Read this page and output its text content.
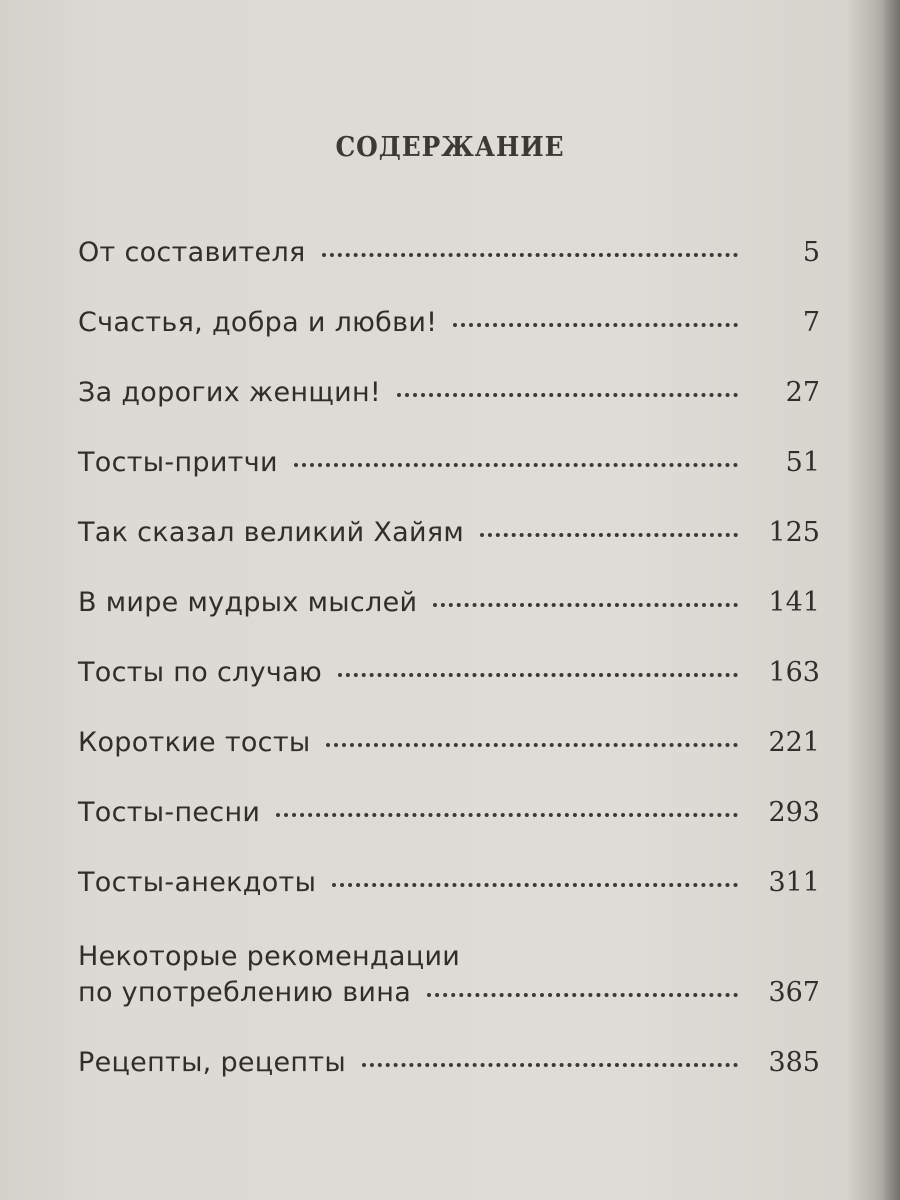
СОДЕРЖАНИЕ
От составителя	5
Счастья, добра и любви!	7
За дорогих женщин!	27
Тосты-притчи	51
Так сказал великий Хайям	125
В мире мудрых мыслей	141
Тосты по случаю	163
Короткие тосты	221
Тосты-песни	293
Тосты-анекдоты	311
Некоторые рекомендации
по употреблению вина	367
Рецепты, рецепты	385
